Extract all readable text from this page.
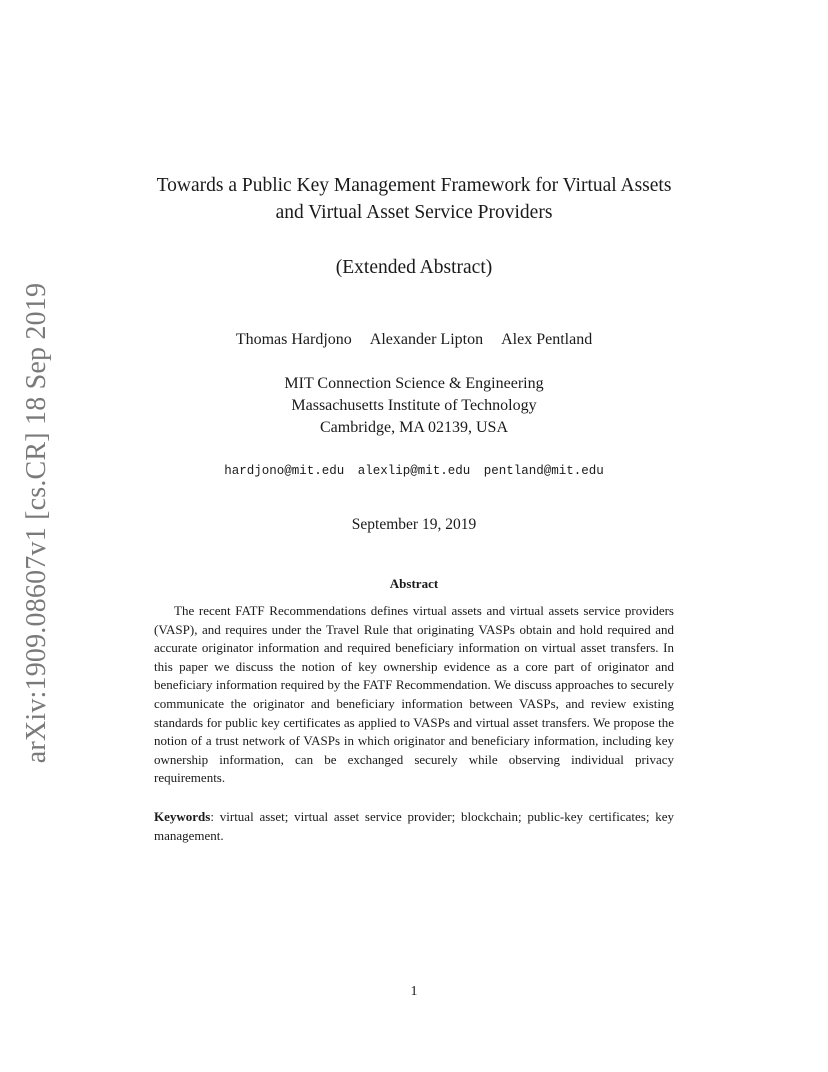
arXiv:1909.08607v1 [cs.CR] 18 Sep 2019

Towards a Public Key Management Framework for Virtual Assets

and Virtual Asset Service Providers

(Extended Abstract)
Thomas Hardjono Alexander Lipton Alex Pentland
MIT Connection Science & Engineering
Massachusetts Institute of Technology
Cambridge, MA 02139, USA
hardjono@mit.edu alexlip@mit.edu pentland@mit.edu
September 19, 2019
Abstract
The recent FATF Recommendations defines virtual assets and virtual assets service providers (VASP), and requires under the Travel Rule that originating VASPs obtain and hold required and accurate originator information and required beneficiary information on virtual asset transfers. In this paper we discuss the notion of key ownership evidence as a core part of originator and beneficiary information required by the FATF Recommendation. We discuss approaches to securely communicate the originator and beneficiary information between VASPs, and review existing standards for public key certificates as applied to VASPs and virtual asset transfers. We propose the notion of a trust network of VASPs in which originator and beneficiary information, including key ownership information, can be exchanged securely while observing individual privacy requirements.
Keywords: virtual asset; virtual asset service provider; blockchain; public-key certificates; key management.
1
